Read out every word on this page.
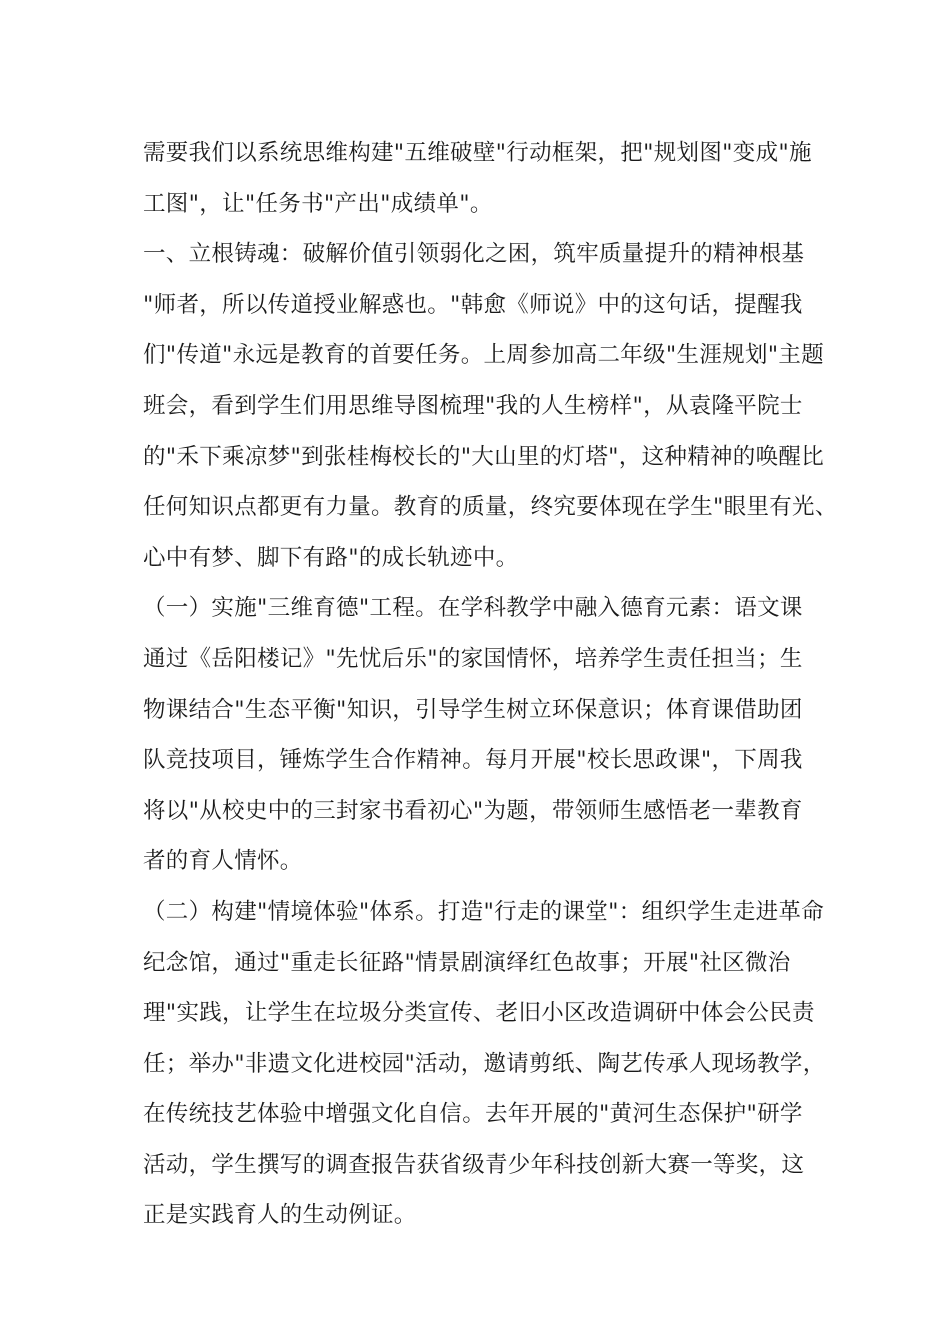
需要我们以系统思维构建"五维破壁"行动框架，把"规划图"变成"施
工图"，让"任务书"产出"成绩单"。
一、立根铸魂：破解价值引领弱化之困，筑牢质量提升的精神根基
"师者，所以传道授业解惑也。"韩愈《师说》中的这句话，提醒我
们"传道"永远是教育的首要任务。上周参加高二年级"生涯规划"主题
班会，看到学生们用思维导图梳理"我的人生榜样"，从袁隆平院士
的"禾下乘凉梦"到张桂梅校长的"大山里的灯塔"，这种精神的唤醒比
任何知识点都更有力量。教育的质量，终究要体现在学生"眼里有光、
心中有梦、脚下有路"的成长轨迹中。
（一）实施"三维育德"工程。在学科教学中融入德育元素：语文课
通过《岳阳楼记》"先忧后乐"的家国情怀，培养学生责任担当；生
物课结合"生态平衡"知识，引导学生树立环保意识；体育课借助团
队竞技项目，锤炼学生合作精神。每月开展"校长思政课"，下周我
将以"从校史中的三封家书看初心"为题，带领师生感悟老一辈教育
者的育人情怀。
（二）构建"情境体验"体系。打造"行走的课堂"：组织学生走进革命
纪念馆，通过"重走长征路"情景剧演绎红色故事；开展"社区微治
理"实践，让学生在垃圾分类宣传、老旧小区改造调研中体会公民责
任；举办"非遗文化进校园"活动，邀请剪纸、陶艺传承人现场教学，
在传统技艺体验中增强文化自信。去年开展的"黄河生态保护"研学
活动，学生撰写的调查报告获省级青少年科技创新大赛一等奖，这
正是实践育人的生动例证。
